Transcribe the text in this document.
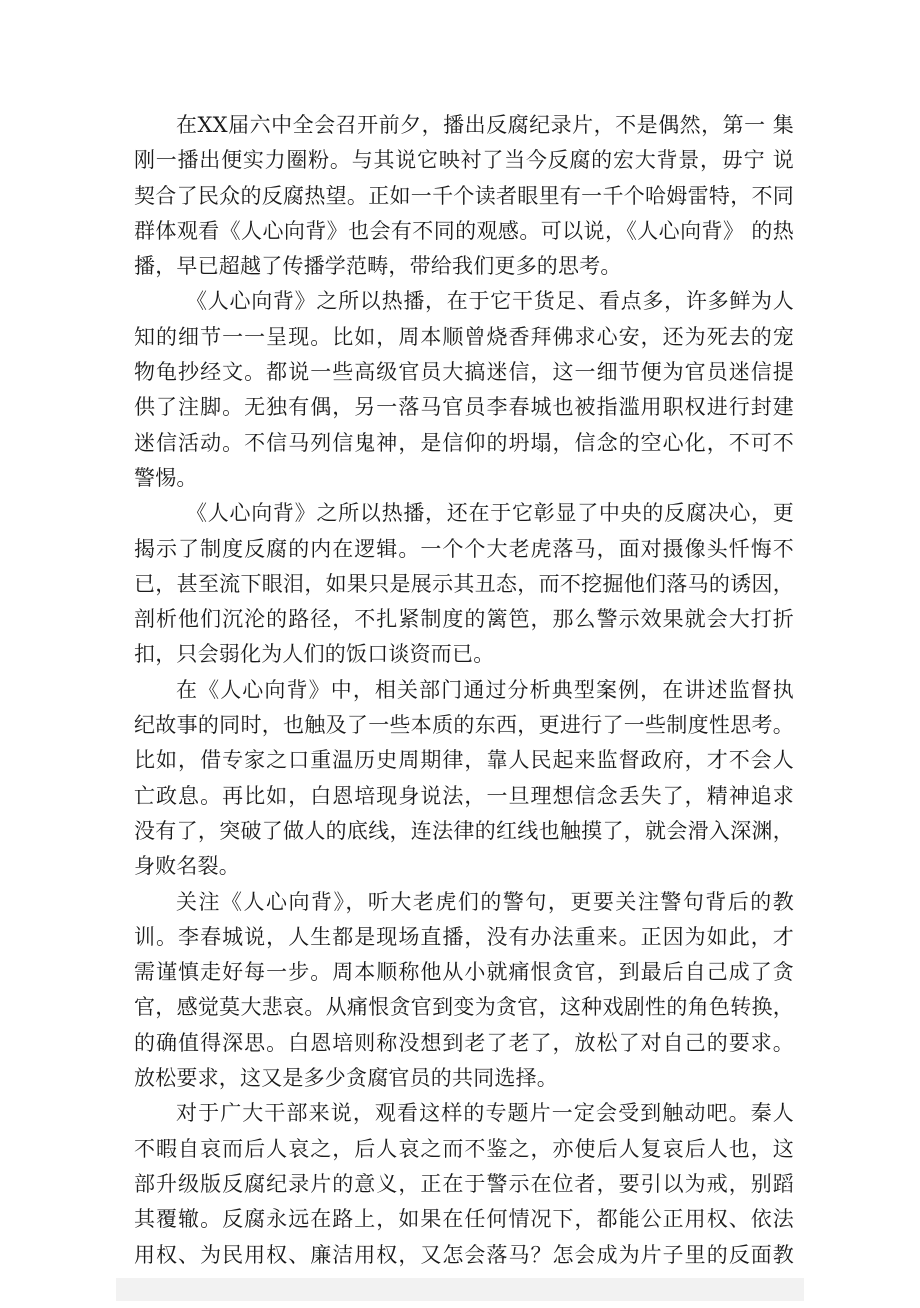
在XX届六中全会召开前夕，播出反腐纪录片，不是偶然，第一 集刚一播出便实力圈粉。与其说它映衬了当今反腐的宏大背景，毋宁 说契合了民众的反腐热望。正如一千个读者眼里有一千个哈姆雷特，不同群体观看《人心向背》也会有不同的观感。可以说，《人心向背》 的热播，早已超越了传播学范畴，带给我们更多的思考。

《人心向背》之所以热播，在于它干货足、看点多，许多鲜为人　 知的细节一一呈现。比如，周本顺曾烧香拜佛求心安，还为死去的宠 物龟抄经文。都说一些高级官员大搞迷信，这一细节便为官员迷信提 供了注脚。无独有偶，另一落马官员李春城也被指滥用职权进行封建 迷信活动。不信马列信鬼神，是信仰的坍塌，信念的空心化，不可不 警惕。

《人心向背》之所以热播，还在于它彰显了中央的反腐决心，更 揭示了制度反腐的内在逻辑。一个个大老虎落马，面对摄像头忏悔不 已，甚至流下眼泪，如果只是展示其丑态，而不挖掘他们落马的诱因， 剖析他们沉沦的路径，不扎紧制度的篱笆，那么警示效果就会大打折 扣，只会弱化为人们的饭口谈资而已。

在《人心向背》中，相关部门通过分析典型案例，在讲述监督执 纪故事的同时，也触及了一些本质的东西，更进行了一些制度性思考。 比如，借专家之口重温历史周期律，靠人民起来监督政府，才不会人 亡政息。再比如，白恩培现身说法，一旦理想信念丢失了，精神追求 没有了，突破了做人的底线，连法律的红线也触摸了，就会滑入深渊， 身败名裂。

关注《人心向背》，听大老虎们的警句，更要关注警句背后的教 训。李春城说，人生都是现场直播，没有办法重来。正因为如此，才 需谨慎走好每一步。周本顺称他从小就痛恨贪官，到最后自己成了贪 官，感觉莫大悲哀。从痛恨贪官到变为贪官，这种戏剧性的角色转换， 的确值得深思。白恩培则称没想到老了老了，放松了对自己的要求。 放松要求，这又是多少贪腐官员的共同选择。

对于广大干部来说，观看这样的专题片一定会受到触动吧。秦人 不暇自哀而后人哀之，后人哀之而不鉴之，亦使后人复哀后人也，这 部升级版反腐纪录片的意义，正在于警示在位者，要引以为戒，别蹈 其覆辙。反腐永远在路上，如果在任何情况下，都能公正用权、依法 用权、为民用权、廉洁用权，又怎会落马？怎会成为片子里的反面教
